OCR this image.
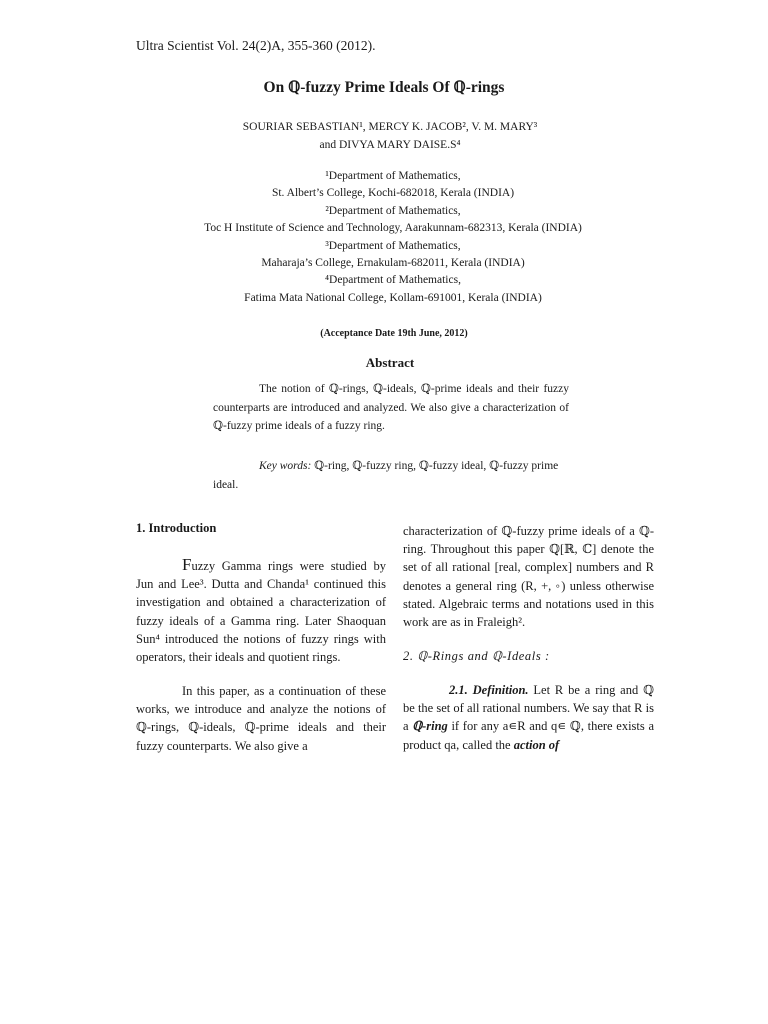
Ultra Scientist Vol. 24(2)A, 355-360 (2012).
On ℚ-fuzzy Prime Ideals Of ℚ-rings
SOURIAR SEBASTIAN¹, MERCY K. JACOB², V. M. MARY³
and DIVYA MARY DAISE.S⁴
¹Department of Mathematics,
St. Albert’s College, Kochi-682018, Kerala (INDIA)
²Department of Mathematics,
Toc H Institute of Science and Technology, Aarakunnam-682313, Kerala (INDIA)
³Department of Mathematics,
Maharaja’s College, Ernakulam-682011, Kerala (INDIA)
⁴Department of Mathematics,
Fatima Mata National College, Kollam-691001, Kerala (INDIA)
(Acceptance Date 19th June, 2012)
Abstract
The notion of ℚ-rings, ℚ-ideals, ℚ-prime ideals and their fuzzy counterparts are introduced and analyzed. We also give a characterization of ℚ-fuzzy prime ideals of a fuzzy ring.
Key words: ℚ-ring, ℚ-fuzzy ring, ℚ-fuzzy ideal, ℚ-fuzzy prime ideal.
1. Introduction
Fuzzy Gamma rings were studied by Jun and Lee³. Dutta and Chanda¹ continued this investigation and obtained a characterization of fuzzy ideals of a Gamma ring. Later Shaoquan Sun⁴ introduced the notions of fuzzy rings with operators, their ideals and quotient rings.
In this paper, as a continuation of these works, we introduce and analyze the notions of ℚ-rings, ℚ-ideals, ℚ-prime ideals and their fuzzy counterparts. We also give a
characterization of ℚ-fuzzy prime ideals of a ℚ-ring. Throughout this paper ℚ[ℝ, ℂ] denote the set of all rational [real, complex] numbers and R denotes a general ring (R, +, ◦) unless otherwise stated. Algebraic terms and notations used in this work are as in Fraleigh².
2. ℚ-Rings and ℚ-Ideals :
2.1. Definition. Let R be a ring and ℚ be the set of all rational numbers. We say that R is a ℚ-ring if for any a∊R and q∊ ℚ, there exists a product qa, called the action of
